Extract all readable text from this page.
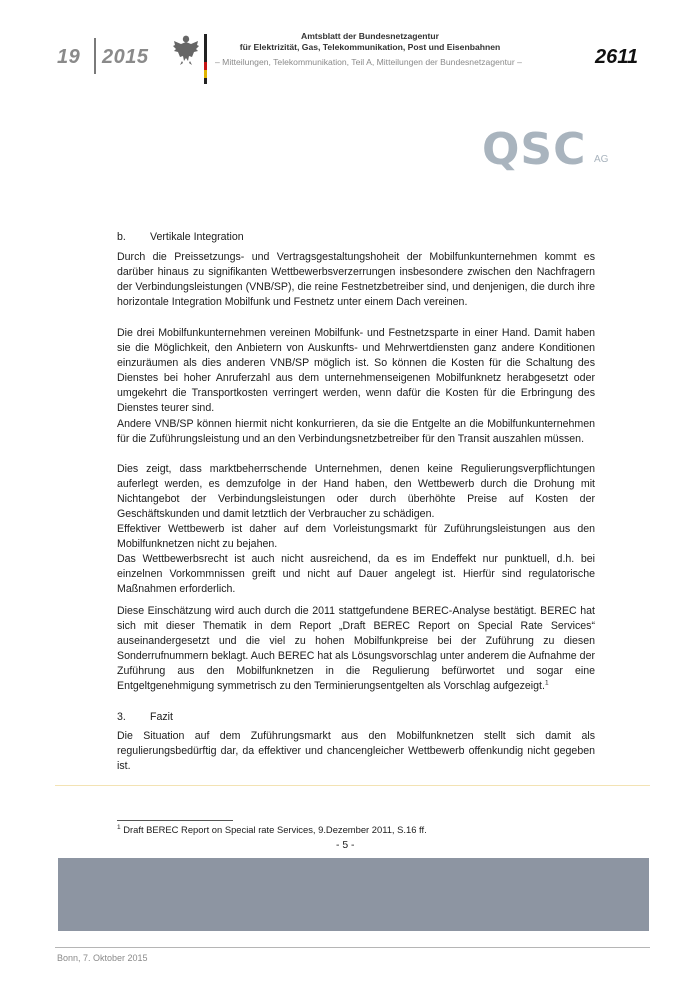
19 2015
Amtsblatt der Bundesnetzagentur
für Elektrizität, Gas, Telekommunikation, Post und Eisenbahnen
– Mitteilungen, Telekommunikation, Teil A, Mitteilungen der Bundesnetzagentur –	2611
QSC AG
b. Vertikale Integration
Durch die Preissetzungs- und Vertragsgestaltungshoheit der Mobilfunkunternehmen kommt es darüber hinaus zu signifikanten Wettbewerbsverzerrungen insbesondere zwischen den Nachfragern der Verbindungsleistungen (VNB/SP), die reine Festnetzbetreiber sind, und denjenigen, die durch ihre horizontale Integration Mobilfunk und Festnetz unter einem Dach vereinen.
Die drei Mobilfunkunternehmen vereinen Mobilfunk- und Festnetzsparte in einer Hand. Damit haben sie die Möglichkeit, den Anbietern von Auskunfts- und Mehrwertdiensten ganz andere Konditionen einzuräumen als dies anderen VNB/SP möglich ist. So können die Kosten für die Schaltung des Dienstes bei hoher Anruferzahl aus dem unternehmenseigenen Mobilfunknetz herabgesetzt oder umgekehrt die Transportkosten verringert werden, wenn dafür die Kosten für die Erbringung des Dienstes teurer sind.
Andere VNB/SP können hiermit nicht konkurrieren, da sie die Entgelte an die Mobilfunkunternehmen für die Zuführungsleistung und an den Verbindungsnetzbetreiber für den Transit auszahlen müssen.
Dies zeigt, dass marktbeherrschende Unternehmen, denen keine Regulierungsverpflichtungen auferlegt werden, es demzufolge in der Hand haben, den Wettbewerb durch die Drohung mit Nichtangebot der Verbindungsleistungen oder durch überhöhte Preise auf Kosten der Geschäftskunden und damit letztlich der Verbraucher zu schädigen.
Effektiver Wettbewerb ist daher auf dem Vorleistungsmarkt für Zuführungsleistungen aus den Mobilfunknetzen nicht zu bejahen.
Das Wettbewerbsrecht ist auch nicht ausreichend, da es im Endeffekt nur punktuell, d.h. bei einzelnen Vorkommnissen greift und nicht auf Dauer angelegt ist. Hierfür sind regulatorische Maßnahmen erforderlich.
Diese Einschätzung wird auch durch die 2011 stattgefundene BEREC-Analyse bestätigt. BEREC hat sich mit dieser Thematik in dem Report „Draft BEREC Report on Special Rate Services“ auseinandergesetzt und die viel zu hohen Mobilfunkpreise bei der Zuführung zu diesen Sonderrufnummern beklagt. Auch BEREC hat als Lösungsvorschlag unter anderem die Aufnahme der Zuführung aus den Mobilfunknetzen in die Regulierung befürwortet und sogar eine Entgeltgenehmigung symmetrisch zu den Terminierungsentgelten als Vorschlag aufgezeigt.$^1$
3. Fazit
Die Situation auf dem Zuführungsmarkt aus den Mobilfunknetzen stellt sich damit als regulierungsbedürftig dar, da effektiver und chancengleicher Wettbewerb offenkundig nicht gegeben ist.
$^1$ Draft BEREC Report on Special rate Services, 9.Dezember 2011, S.16 ff.
- 5 -
Bonn, 7. Oktober 2015
